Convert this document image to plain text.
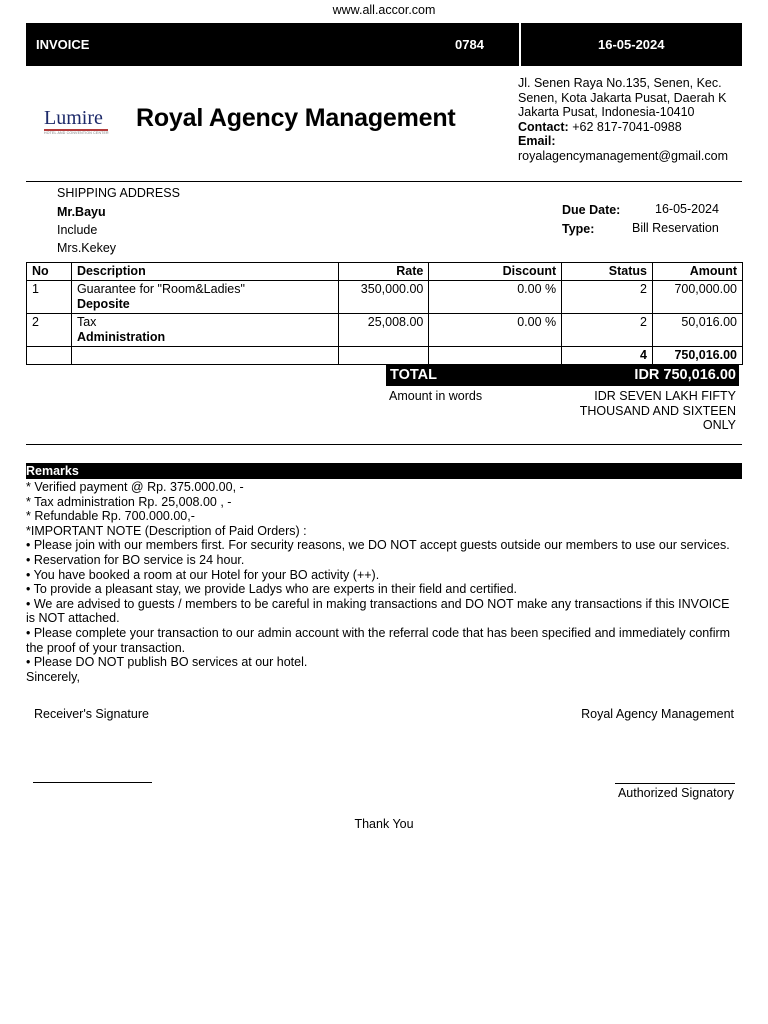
www.all.accor.com
INVOICE	0784	16-05-2024
Lumire
HOTEL AND CONVENTION CENTER
Royal Agency Management
Jl. Senen Raya No.135, Senen, Kec.
Senen, Kota Jakarta Pusat, Daerah K
Jakarta Pusat, Indonesia-10410
Contact: +62 817-7041-0988
Email:
royalagencymanagement@gmail.com
SHIPPING ADDRESS
Mr.Bayu
Include
Mrs.Kekey
Due Date:	16-05-2024
Type:	Bill Reservation
No	Description	Rate	Discount	Status	Amount
1	Guarantee for "Room&Ladies"
Deposite	350,000.00	0.00 %	2	700,000.00
2	Tax
Administration	25,008.00	0.00 %	2	50,016.00
				4	750,016.00
TOTAL	IDR 750,016.00
Amount in words	IDR SEVEN LAKH FIFTY
THOUSAND AND SIXTEEN
ONLY
Remarks
* Verified payment @ Rp. 375.000.00, -
* Tax administration Rp. 25,008.00 , -
* Refundable Rp. 700.000.00,-
*IMPORTANT NOTE (Description of Paid Orders) :
• Please join with our members first. For security reasons, we DO NOT accept guests outside our members to use our services.
• Reservation for BO service is 24 hour.
• You have booked a room at our Hotel for your BO activity (++).
• To provide a pleasant stay, we provide Ladys who are experts in their field and certified.
• We are advised to guests / members to be careful in making transactions and DO NOT make any transactions if this INVOICE is NOT attached.
• Please complete your transaction to our admin account with the referral code that has been specified and immediately confirm the proof of your transaction.
• Please DO NOT publish BO services at our hotel.
Sincerely,
Receiver's Signature	Royal Agency Management
Authorized Signatory
Thank You
